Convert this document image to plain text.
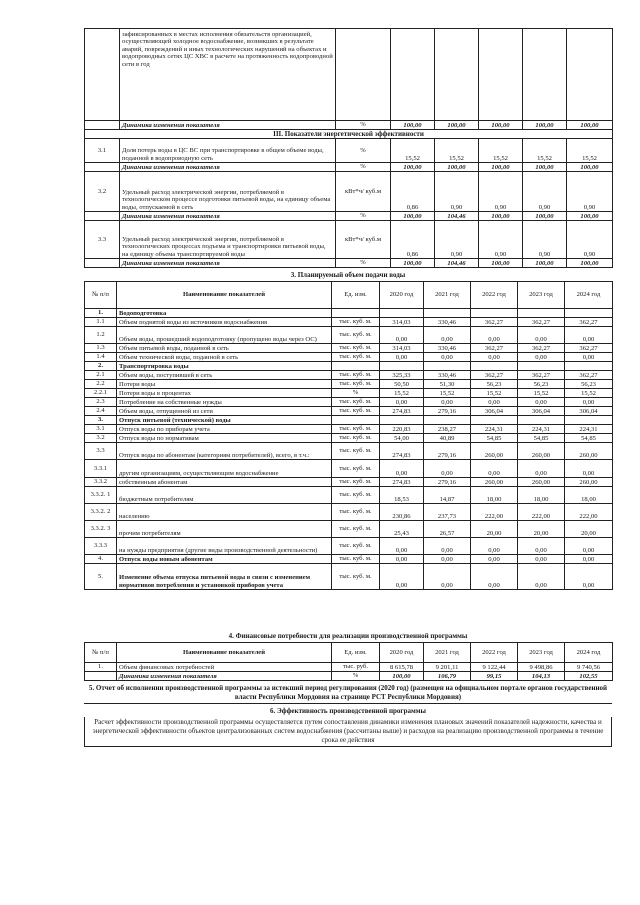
	зафиксированных в местах исполнения обязательств организацией, осуществляющей холодное водоснабжение, возникших в результате аварий, повреждений и иных технологических нарушений на объектах и водопроводных сетях ЦС ХВС в расчете на протяженность водопроводной сети в год						
	Динамика изменения показателя	%	100,00	100,00	100,00	100,00	100,00
III. Показатели энергетической эффективности							
3.1	Доля потерь воды в ЦС ВС при транспортировке в общем объеме воды, поданной в водопроводную сеть	%	15,52	15,52	15,52	15,52	15,52
	Динамика изменения показателя	%	100,00	100,00	100,00	100,00	100,00
3.2	Удельный расход электрической энергии, потребляемой в технологическом процессе подготовки питьевой воды, на единицу объема воды, отпускаемой в сеть	кВт*ч/ куб.м	0,86	0,90	0,90	0,90	0,90
	Динамика изменения показателя	%	100,00	104,46	100,00	100,00	100,00
3.3	Удельный расход электрической энергии, потребляемой в технологических процессах подъема и транспортировки питьевой воды, на единицу объема транспортируемой воды	кВт*ч/ куб.м	0,86	0,90	0,90	0,90	0,90
	Динамика изменения показателя	%	100,00	104,46	100,00	100,00	100,00
3. Планируемый объем подачи воды
№ п/п	Наименование показателей	Ед. изм.	2020 год	2021 год	2022 год	2023 год	2024 год
1.	Водоподготовка						
1.1	Объем поднятой воды из источников водоснабжения	тыс. куб. м.	314,03	330,46	362,27	362,27	362,27
1.2	Объем воды, прошедший водоподготовку (пропущено воды через ОС)	тыс. куб. м.	0,00	0,00	0,00	0,00	0,00
1.3	Объем питьевой воды, поданной в сеть	тыс. куб. м.	314,03	330,46	362,27	362,27	362,27
1.4	Объем технической воды, поданной в сеть	тыс. куб. м.	0,00	0,00	0,00	0,00	0,00
2.	Транспортировка воды						
2.1	Объем воды, поступившей в сеть	тыс. куб. м.	325,33	330,46	362,27	362,27	362,27
2.2	Потери воды	тыс. куб. м.	50,50	51,30	56,23	56,23	56,23
2.2.1	Потери воды в процентах	%	15,52	15,52	15,52	15,52	15,52
2.3	Потребление на собственные нужды	тыс. куб. м.	0,00	0,00	0,00	0,00	0,00
2.4	Объем воды, отпущенной из сети	тыс. куб. м.	274,83	279,16	306,04	306,04	306,04
3.	Отпуск питьевой (технической) воды						
3.1	Отпуск воды по приборам учета	тыс. куб. м.	220,83	238,27	224,31	224,31	224,31
3.2	Отпуск воды по нормативам	тыс. куб. м.	54,00	40,89	54,85	54,85	54,85
3.3	Отпуск воды по абонентам (категориям потребителей), всего, в т.ч.:	тыс. куб. м.	274,83	279,16	260,00	260,00	260,00
3.3.1	другим организациям, осуществляющим водоснабжение	тыс. куб. м.	0,00	0,00	0,00	0,00	0,00
3.3.2	собственным абонентам	тыс. куб. м.	274,83	279,16	260,00	260,00	260,00
3.3.2. 1	бюджетным потребителям	тыс. куб. м.	18,53	14,87	18,00	18,00	18,00
3.3.2. 2	населению	тыс. куб. м.	230,86	237,73	222,00	222,00	222,00
3.3.2. 3	прочим потребителям	тыс. куб. м.	25,43	26,57	20,00	20,00	20,00
3.3.3	на нужды предприятия (другие виды производственной деятельности)	тыс. куб. м.	0,00	0,00	0,00	0,00	0,00
4.	Отпуск воды новым абонентам	тыс. куб. м.	0,00	0,00	0,00	0,00	0,00
5.	Изменение объема отпуска питьевой воды в связи с изменением нормативов потребления и установкой приборов учета	тыс. куб. м.	0,00	0,00	0,00	0,00	0,00
4. Финансовые потребности для реализации производственной программы
№ п/п	Наименование показателей	Ед. изм.	2020 год	2021 год	2022 год	2023 год	2024 год
1.	Объем финансовых потребностей	тыс. руб.	8 615,78	9 201,11	9 122,44	9 498,86	9 740,56
	Динамика изменения показателя	%	100,00	106,79	99,15	104,13	102,55
5. Отчет об исполнении производственной программы за истекший период регулирования (2020 год) (размещен на официальном портале органов государственной власти Республики Мордовия на странице РСТ Республики Мордовия)
6. Эффективность производственной программы
Расчет эффективности производственной программы осуществляется путем сопоставления динамики изменения плановых значений показателей надежности, качества и энергетической эффективности объектов централизованных систем водоснабжения (рассчитаны выше) и расходов на реализацию производственной программы в течение срока ее действия
